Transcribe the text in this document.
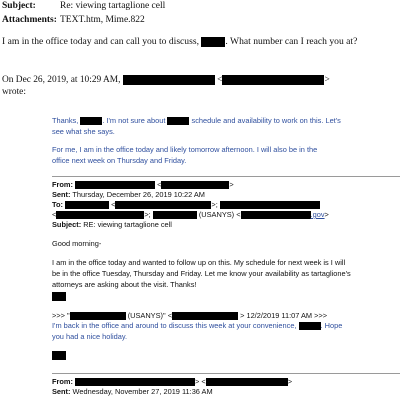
Subject:	Re: viewing tartaglione cell
Attachments: TEXT.htm, Mime.822
I am in the office today and can call you to discuss,	. What number can I reach you at?
On Dec 26, 2019, at 10:29 AM,	<	>
wrote:
Thanks,	. I'm not sure about	schedule and availability to work on this. Let's
see what she says.
For me, I am in the office today and likely tomorrow afternoon. I will also be in the
office next week on Thursday and Friday.
From:	<	>
Sent: Thursday, December 26, 2019 10:22 AM
To:	<	>;
<	>;	(USANYS) <	.gov>
Subject: RE: viewing tartaglione cell
Good morning-
I am in the office today and wanted to follow up on this. My schedule for next week is I will
be in the office Tuesday, Thursday and Friday. Let me know your availability as tartaglione's
attorneys are asking about the visit. Thanks!
>>> "	(USANYS)" <	> 12/2/2019 11:07 AM >>>
I'm back in the office and around to discuss this week at your convenience,	. Hope
you had a nice holiday.
From:	> <	>
Sent: Wednesday, November 27, 2019 11:36 AM
